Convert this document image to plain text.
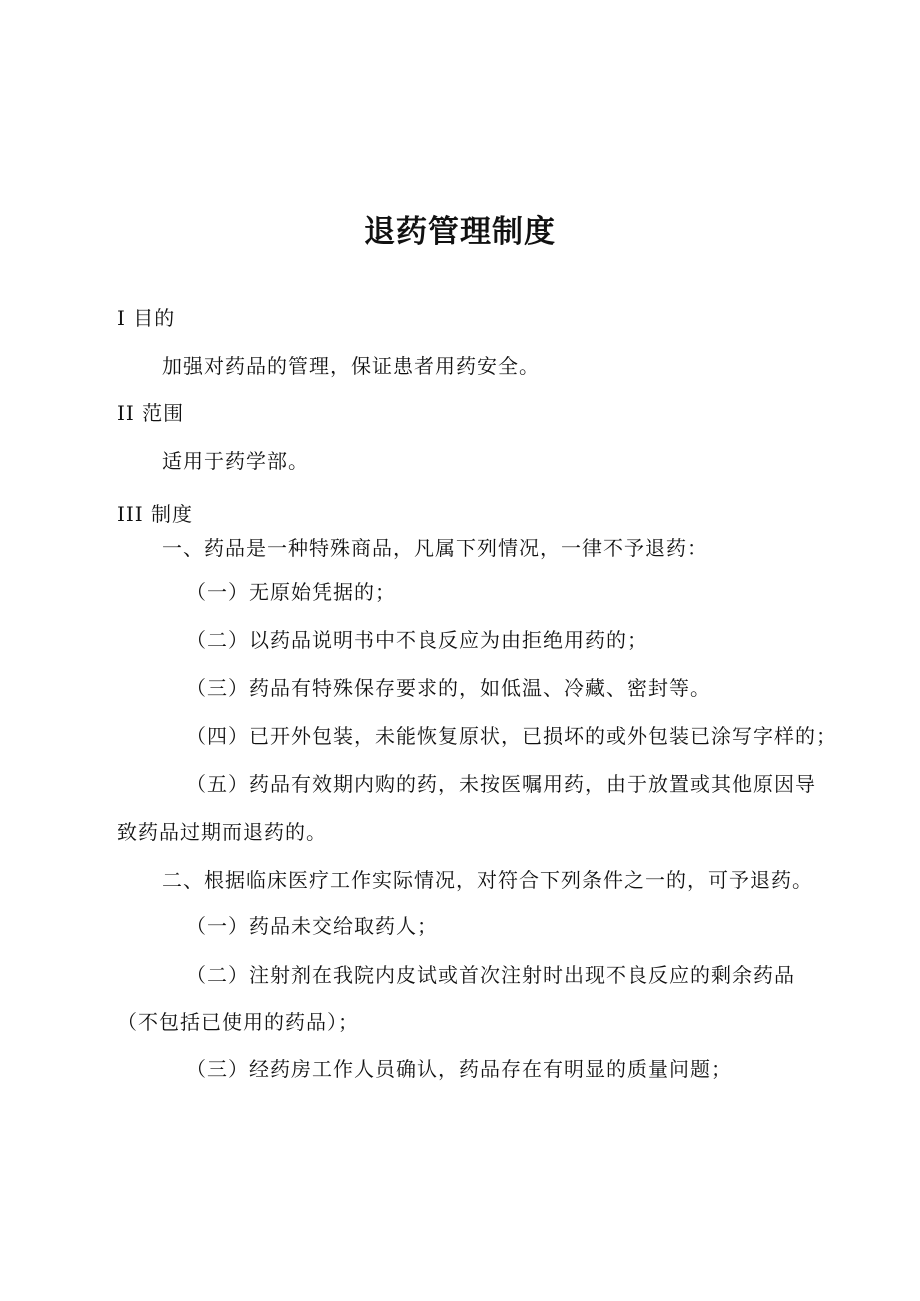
退药管理制度

I 目的

加强对药品的管理，保证患者用药安全。

II 范围

适用于药学部。

III 制度

一、药品是一种特殊商品，凡属下列情况，一律不予退药：

（一）无原始凭据的；

（二）以药品说明书中不良反应为由拒绝用药的；

（三）药品有特殊保存要求的，如低温、冷藏、密封等。

（四）已开外包装，未能恢复原状，已损坏的或外包装已涂写字样的；

（五）药品有效期内购的药，未按医嘱用药，由于放置或其他原因导

致药品过期而退药的。

二、根据临床医疗工作实际情况，对符合下列条件之一的，可予退药。

（一）药品未交给取药人；

（二）注射剂在我院内皮试或首次注射时出现不良反应的剩余药品

（不包括已使用的药品）；

（三）经药房工作人员确认，药品存在有明显的质量问题；
